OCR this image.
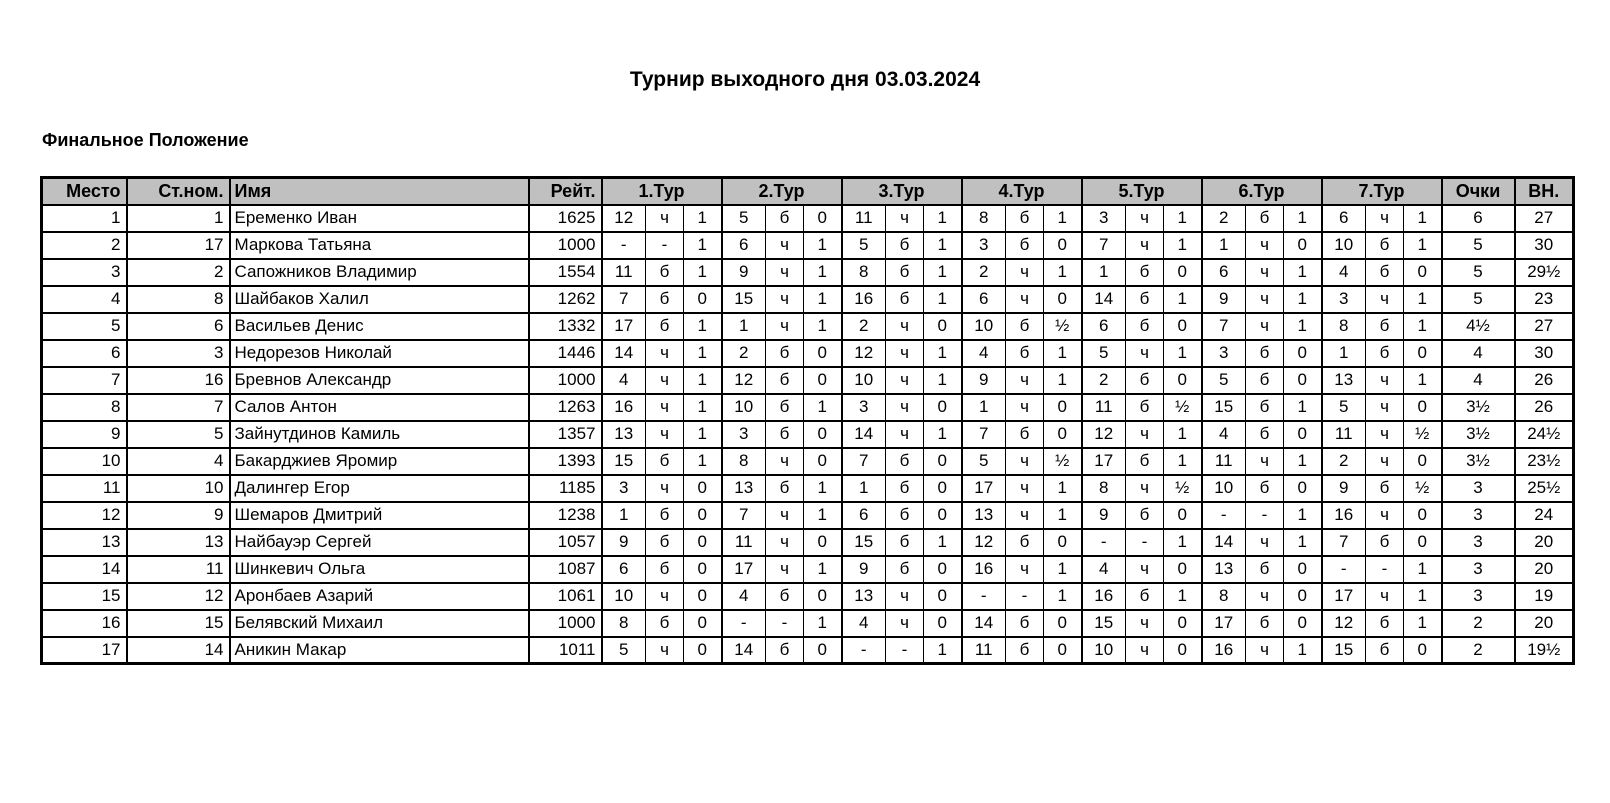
Турнир выходного дня 03.03.2024
Финальное Положение
Место	Ст.ном.	Имя	Рейт.	1.Тур			2.Тур			3.Тур			4.Тур			5.Тур			6.Тур			7.Тур			Очки	ВН.
1	1	Еременко Иван	1625	12	ч	1	5	б	0	11	ч	1	8	б	1	3	ч	1	2	б	1	6	ч	1	6	27
2	17	Маркова Татьяна	1000	-	-	1	6	ч	1	5	б	1	3	б	0	7	ч	1	1	ч	0	10	б	1	5	30
3	2	Сапожников Владимир	1554	11	б	1	9	ч	1	8	б	1	2	ч	1	1	б	0	6	ч	1	4	б	0	5	29½
4	8	Шайбаков Халил	1262	7	б	0	15	ч	1	16	б	1	6	ч	0	14	б	1	9	ч	1	3	ч	1	5	23
5	6	Васильев Денис	1332	17	б	1	1	ч	1	2	ч	0	10	б	½	6	б	0	7	ч	1	8	б	1	4½	27
6	3	Недорезов Николай	1446	14	ч	1	2	б	0	12	ч	1	4	б	1	5	ч	1	3	б	0	1	б	0	4	30
7	16	Бревнов Александр	1000	4	ч	1	12	б	0	10	ч	1	9	ч	1	2	б	0	5	б	0	13	ч	1	4	26
8	7	Салов Антон	1263	16	ч	1	10	б	1	3	ч	0	1	ч	0	11	б	½	15	б	1	5	ч	0	3½	26
9	5	Зайнутдинов Камиль	1357	13	ч	1	3	б	0	14	ч	1	7	б	0	12	ч	1	4	б	0	11	ч	½	3½	24½
10	4	Бакарджиев Яромир	1393	15	б	1	8	ч	0	7	б	0	5	ч	½	17	б	1	11	ч	1	2	ч	0	3½	23½
11	10	Далингер Егор	1185	3	ч	0	13	б	1	1	б	0	17	ч	1	8	ч	½	10	б	0	9	б	½	3	25½
12	9	Шемаров Дмитрий	1238	1	б	0	7	ч	1	6	б	0	13	ч	1	9	б	0	-	-	1	16	ч	0	3	24
13	13	Найбауэр Сергей	1057	9	б	0	11	ч	0	15	б	1	12	б	0	-	-	1	14	ч	1	7	б	0	3	20
14	11	Шинкевич Ольга	1087	6	б	0	17	ч	1	9	б	0	16	ч	1	4	ч	0	13	б	0	-	-	1	3	20
15	12	Аронбаев Азарий	1061	10	ч	0	4	б	0	13	ч	0	-	-	1	16	б	1	8	ч	0	17	ч	1	3	19
16	15	Белявский Михаил	1000	8	б	0	-	-	1	4	ч	0	14	б	0	15	ч	0	17	б	0	12	б	1	2	20
17	14	Аникин Макар	1011	5	ч	0	14	б	0	-	-	1	11	б	0	10	ч	0	16	ч	1	15	б	0	2	19½
